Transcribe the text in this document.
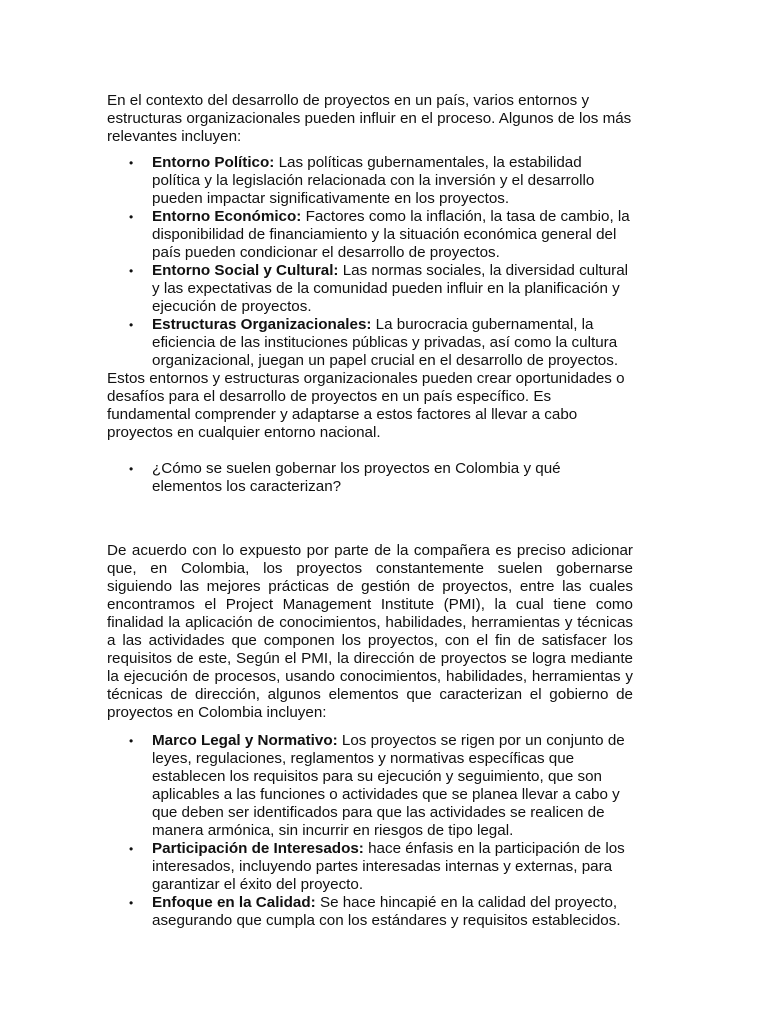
En el contexto del desarrollo de proyectos en un país, varios entornos y estructuras organizacionales pueden influir en el proceso. Algunos de los más relevantes incluyen:

• Entorno Político: Las políticas gubernamentales, la estabilidad política y la legislación relacionada con la inversión y el desarrollo pueden impactar significativamente en los proyectos.
• Entorno Económico: Factores como la inflación, la tasa de cambio, la disponibilidad de financiamiento y la situación económica general del país pueden condicionar el desarrollo de proyectos.
• Entorno Social y Cultural: Las normas sociales, la diversidad cultural y las expectativas de la comunidad pueden influir en la planificación y ejecución de proyectos.
• Estructuras Organizacionales: La burocracia gubernamental, la eficiencia de las instituciones públicas y privadas, así como la cultura organizacional, juegan un papel crucial en el desarrollo de proyectos.

Estos entornos y estructuras organizacionales pueden crear oportunidades o desafíos para el desarrollo de proyectos en un país específico. Es fundamental comprender y adaptarse a estos factores al llevar a cabo proyectos en cualquier entorno nacional.

• ¿Cómo se suelen gobernar los proyectos en Colombia y qué elementos los caracterizan?

De acuerdo con lo expuesto por parte de la compañera es preciso adicionar que, en Colombia, los proyectos constantemente suelen gobernarse siguiendo las mejores prácticas de gestión de proyectos, entre las cuales encontramos el Project Management Institute (PMI), la cual tiene como finalidad la aplicación de conocimientos, habilidades, herramientas y técnicas a las actividades que componen los proyectos, con el fin de satisfacer los requisitos de este, Según el PMI, la dirección de proyectos se logra mediante la ejecución de procesos, usando conocimientos, habilidades, herramientas y técnicas de dirección, algunos elementos que caracterizan el gobierno de proyectos en Colombia incluyen:

• Marco Legal y Normativo: Los proyectos se rigen por un conjunto de leyes, regulaciones, reglamentos y normativas específicas que establecen los requisitos para su ejecución y seguimiento, que son aplicables a las funciones o actividades que se planea llevar a cabo y que deben ser identificados para que las actividades se realicen de manera armónica, sin incurrir en riesgos de tipo legal.
• Participación de Interesados: hace énfasis en la participación de los interesados, incluyendo partes interesadas internas y externas, para garantizar el éxito del proyecto.
• Enfoque en la Calidad: Se hace hincapié en la calidad del proyecto, asegurando que cumpla con los estándares y requisitos establecidos.
